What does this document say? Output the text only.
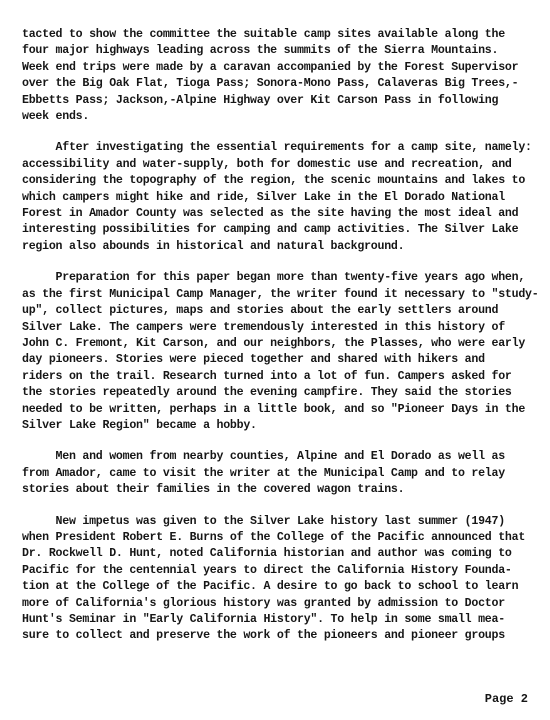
tacted to show the committee the suitable camp sites available along the
four major highways leading across the summits of the Sierra Mountains.
Week end trips were made by a caravan accompanied by the Forest Supervisor
over the Big Oak Flat, Tioga Pass; Sonora-Mono Pass, Calaveras Big Trees,-
Ebbetts Pass; Jackson,-Alpine Highway over Kit Carson Pass in following
week ends.
After investigating the essential requirements for a camp site, namely:
accessibility and water-supply, both for domestic use and recreation, and
considering the topography of the region, the scenic mountains and lakes to
which campers might hike and ride, Silver Lake in the El Dorado National
Forest in Amador County was selected as the site having the most ideal and
interesting possibilities for camping and camp activities. The Silver Lake
region also abounds in historical and natural background.
Preparation for this paper began more than twenty-five years ago when,
as the first Municipal Camp Manager, the writer found it necessary to "study-
up", collect pictures, maps and stories about the early settlers around
Silver Lake. The campers were tremendously interested in this history of
John C. Fremont, Kit Carson, and our neighbors, the Plasses, who were early
day pioneers. Stories were pieced together and shared with hikers and
riders on the trail. Research turned into a lot of fun. Campers asked for
the stories repeatedly around the evening campfire. They said the stories
needed to be written, perhaps in a little book, and so "Pioneer Days in the
Silver Lake Region" became a hobby.
Men and women from nearby counties, Alpine and El Dorado as well as
from Amador, came to visit the writer at the Municipal Camp and to relay
stories about their families in the covered wagon trains.
New impetus was given to the Silver Lake history last summer (1947)
when President Robert E. Burns of the College of the Pacific announced that
Dr. Rockwell D. Hunt, noted California historian and author was coming to
Pacific for the centennial years to direct the California History Founda-
tion at the College of the Pacific. A desire to go back to school to learn
more of California's glorious history was granted by admission to Doctor
Hunt's Seminar in "Early California History". To help in some small mea-
sure to collect and preserve the work of the pioneers and pioneer groups
Page 2
